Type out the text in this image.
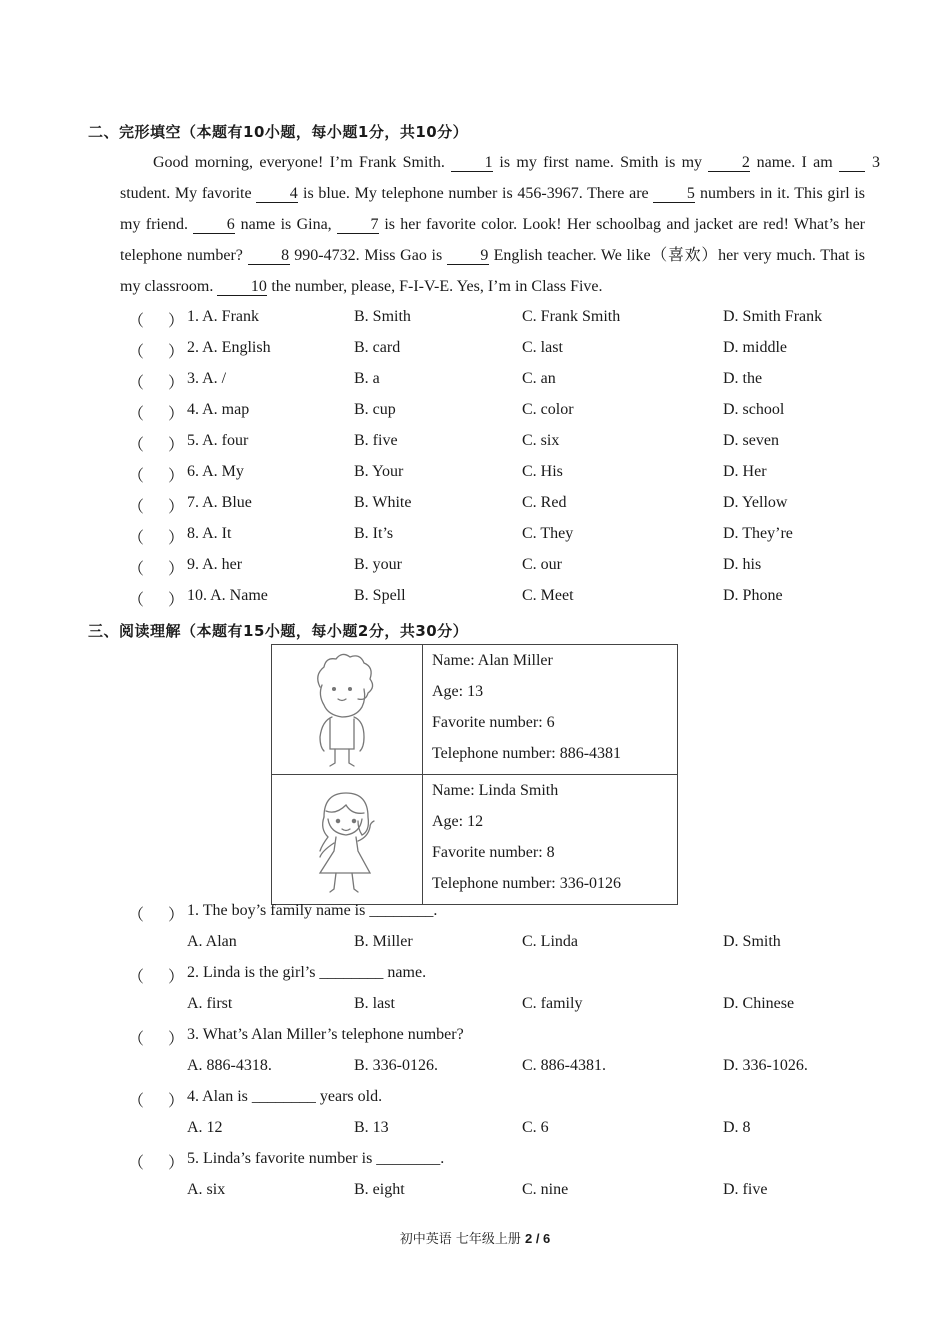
二、完形填空（本题有10小题，每小题1分，共10分）

Good morning, everyone! I’m Frank Smith. 1 is my first name. Smith is my 2 name. I am 3 student. My favorite 4 is blue. My telephone number is 456-3967. There are 5 numbers in it. This girl is my friend. 6 name is Gina, 7 is her favorite color. Look! Her schoolbag and jacket are red! What’s her telephone number? 8 990-4732. Miss Gao is 9 English teacher. We like（喜欢）her very much. That is my classroom. 10 the number, please, F-I-V-E. Yes, I’m in Class Five.

（ ） 1. A. Frank	B. Smith	C. Frank Smith	D. Smith Frank
（ ） 2. A. English	B. card	C. last	D. middle
（ ） 3. A. /	B. a	C. an	D. the
（ ） 4. A. map	B. cup	C. color	D. school
（ ） 5. A. four	B. five	C. six	D. seven
（ ） 6. A. My	B. Your	C. His	D. Her
（ ） 7. A. Blue	B. White	C. Red	D. Yellow
（ ） 8. A. It	B. It’s	C. They	D. They’re
（ ） 9. A. her	B. your	C. our	D. his
（ ） 10. A. Name	B. Spell	C. Meet	D. Phone
三、阅读理解（本题有15小题，每小题2分，共30分）

Name: Alan Miller
Age: 13
Favorite number: 6
Telephone number: 886-4381

Name: Linda Smith
Age: 12
Favorite number: 8
Telephone number: 336-0126
（ ） 1. The boy’s family name is ________.
A. Alan	B. Miller	C. Linda	D. Smith
（ ） 2. Linda is the girl’s ________ name.
A. first	B. last	C. family	D. Chinese
（ ） 3. What’s Alan Miller’s telephone number?
A. 886-4318.	B. 336-0126.	C. 886-4381.	D. 336-1026.
（ ） 4. Alan is ________ years old.
A. 12	B. 13	C. 6	D. 8
（ ） 5. Linda’s favorite number is ________.
A. six	B. eight	C. nine	D. five
初中英语 七年级上册 2 / 6
